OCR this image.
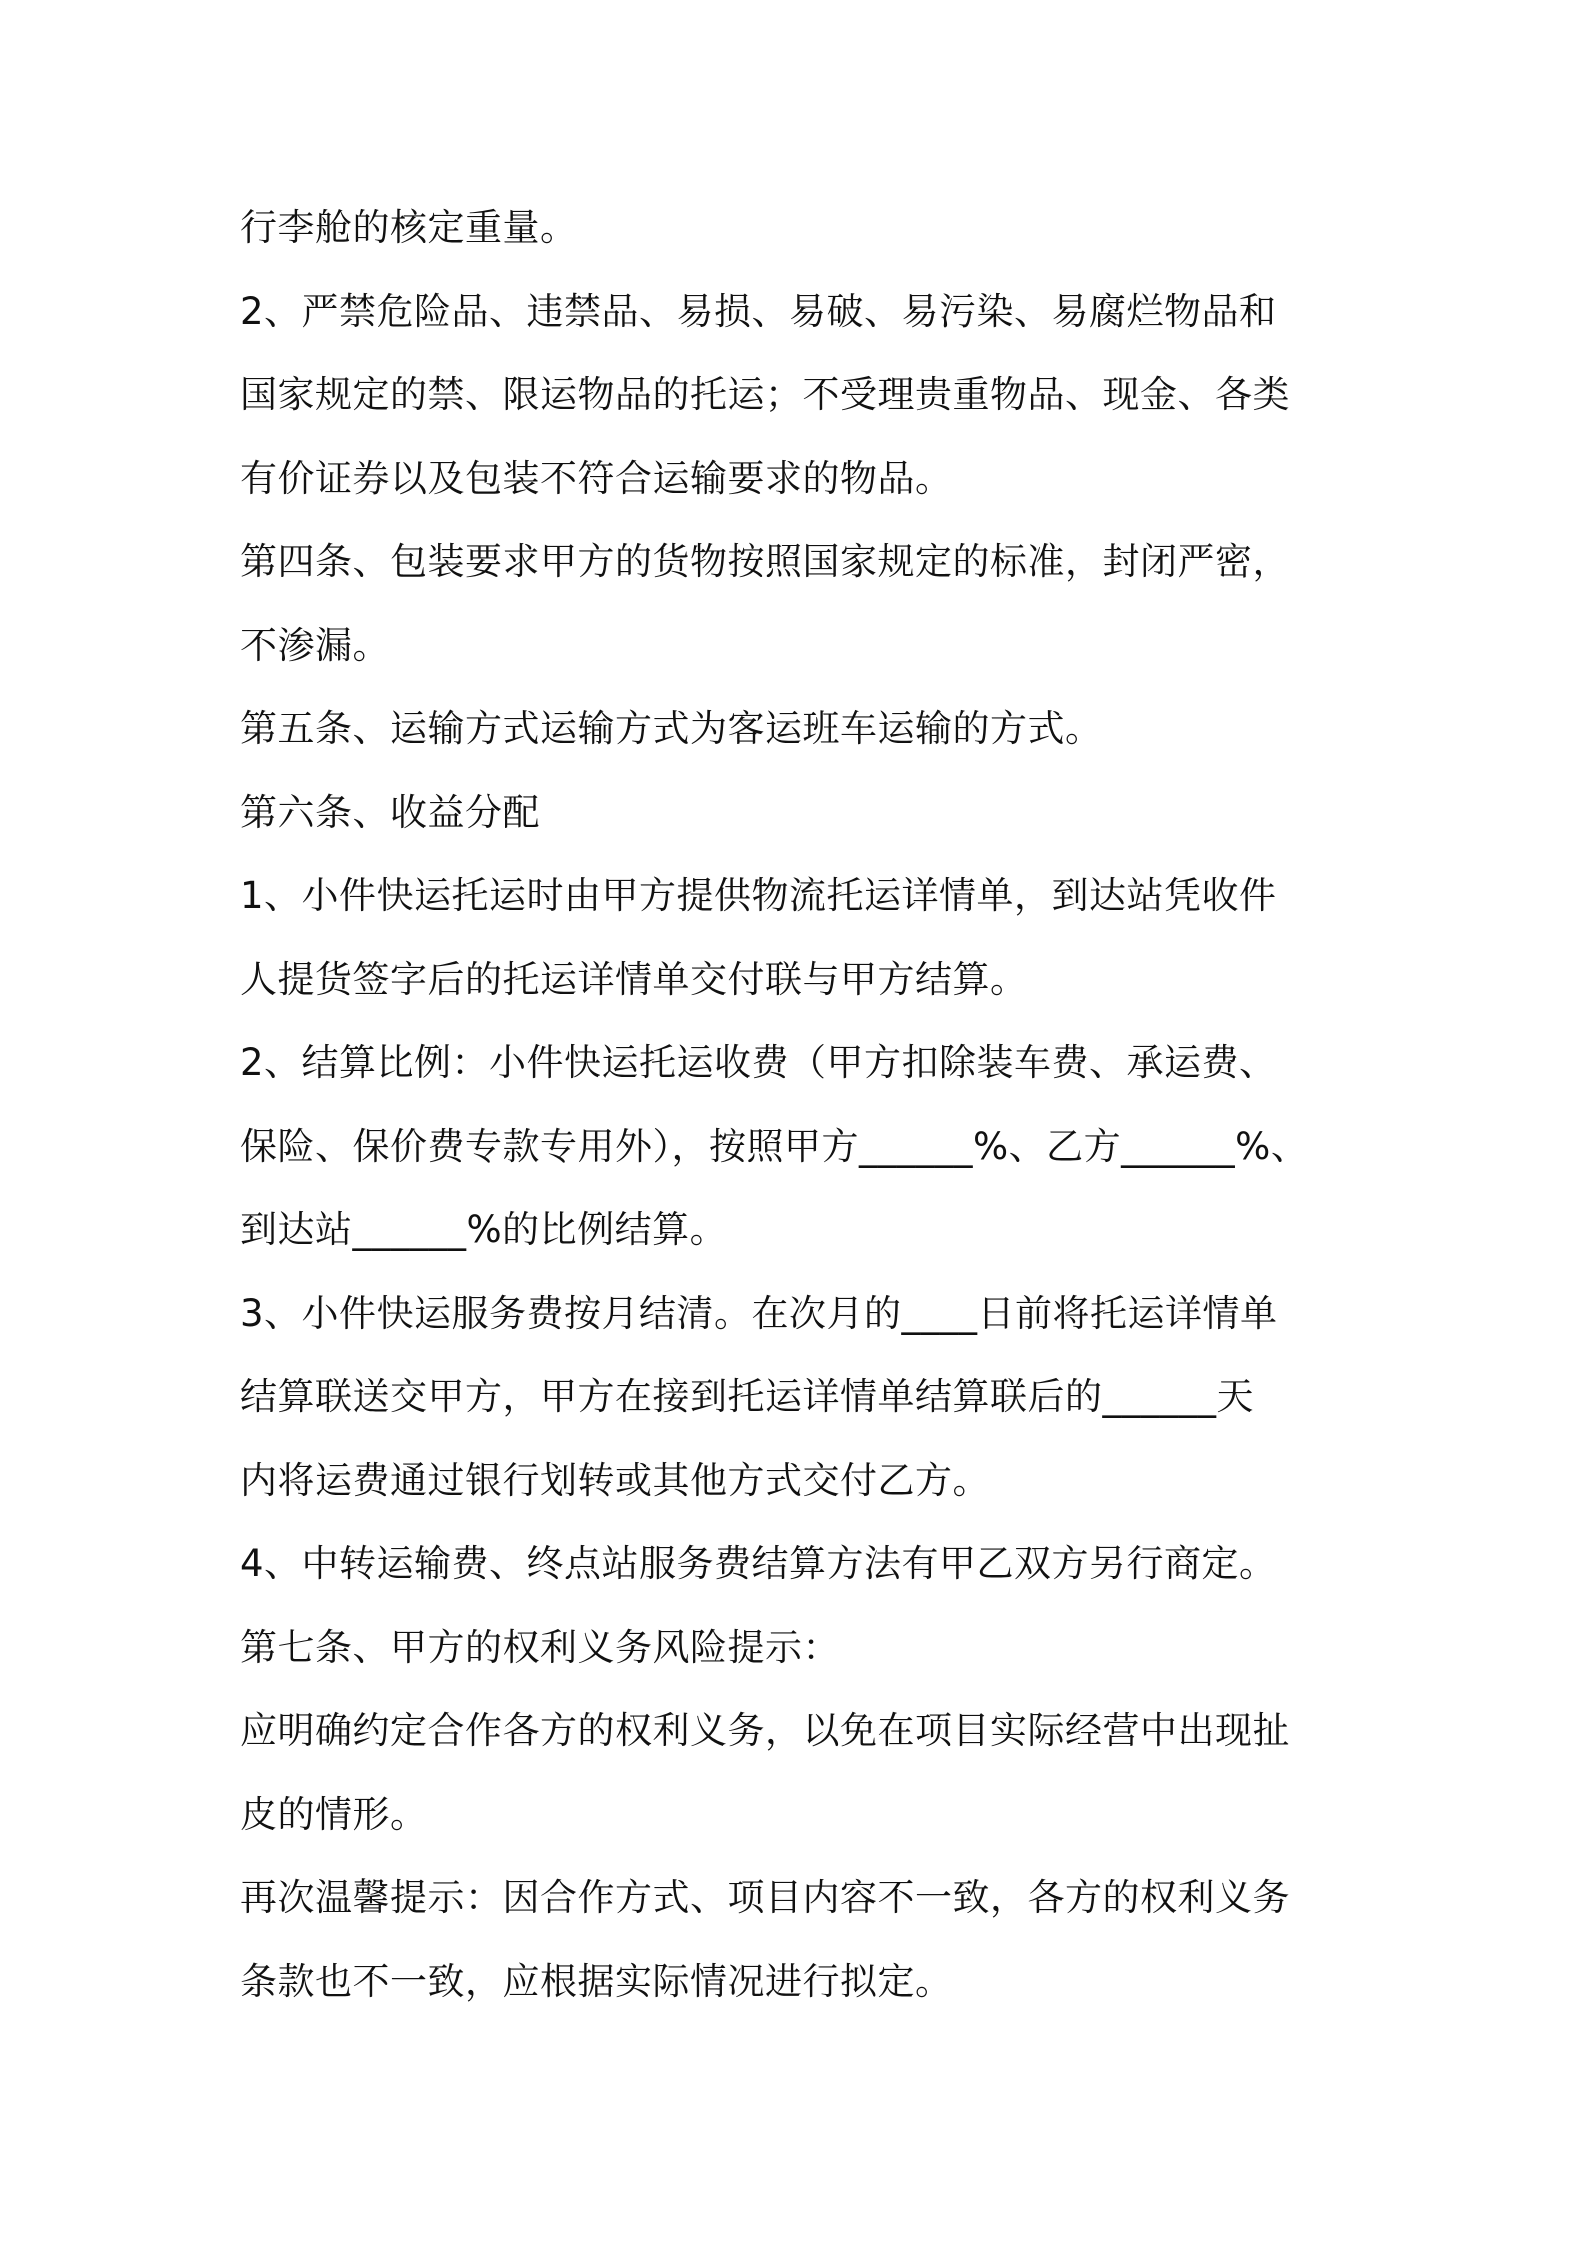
行李舱的核定重量。

2、严禁危险品、违禁品、易损、易破、易污染、易腐烂物品和

国家规定的禁、限运物品的托运；不受理贵重物品、现金、各类

有价证券以及包装不符合运输要求的物品。

第四条、包装要求甲方的货物按照国家规定的标准，封闭严密，

不渗漏。

第五条、运输方式运输方式为客运班车运输的方式。

第六条、收益分配

1、小件快运托运时由甲方提供物流托运详情单，到达站凭收件

人提货签字后的托运详情单交付联与甲方结算。

2、结算比例：小件快运托运收费（甲方扣除装车费、承运费、

保险、保价费专款专用外），按照甲方______%、乙方______%、

到达站______%的比例结算。

3、小件快运服务费按月结清。在次月的____日前将托运详情单

结算联送交甲方，甲方在接到托运详情单结算联后的______天

内将运费通过银行划转或其他方式交付乙方。

4、中转运输费、终点站服务费结算方法有甲乙双方另行商定。

第七条、甲方的权利义务风险提示：

应明确约定合作各方的权利义务，以免在项目实际经营中出现扯

皮的情形。

再次温馨提示：因合作方式、项目内容不一致，各方的权利义务

条款也不一致，应根据实际情况进行拟定。
